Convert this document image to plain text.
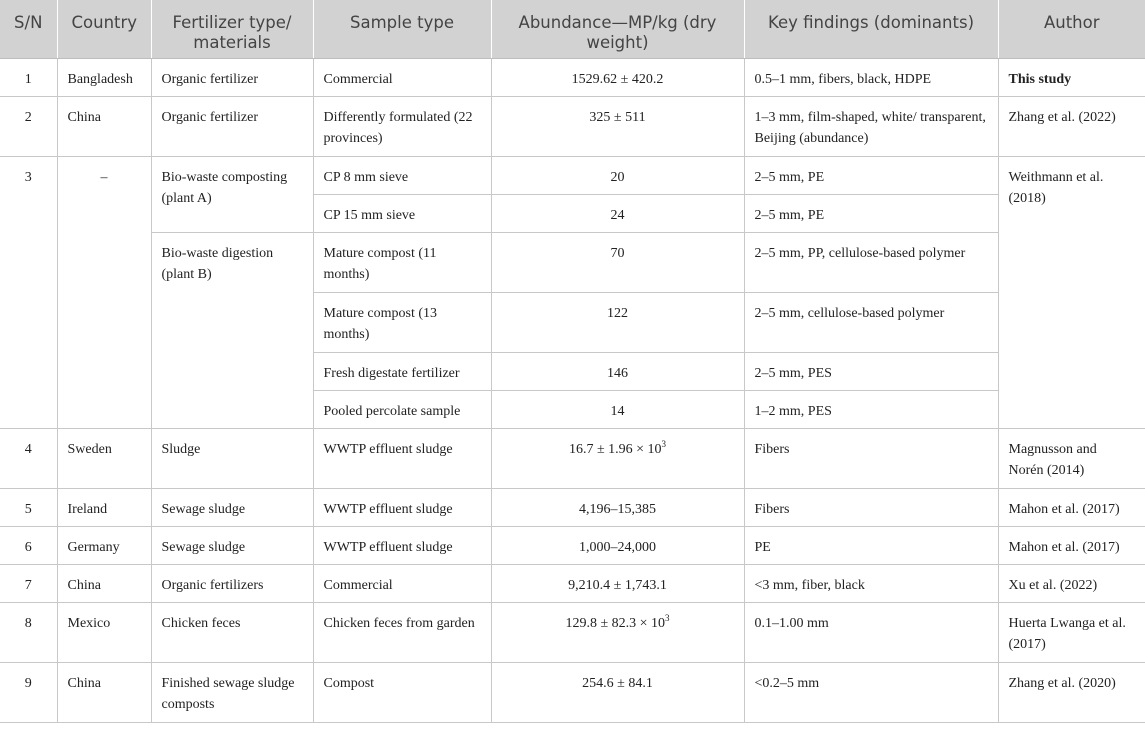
S/N	Country	Fertilizer type/ materials	Sample type	Abundance—MP/kg (dry weight)	Key findings (dominants)	Author
1	Bangladesh	Organic fertilizer	Commercial	1529.62 ± 420.2	0.5–1 mm, fibers, black, HDPE	This study
2	China	Organic fertilizer	Differently formulated (22 provinces)	325 ± 511	1–3 mm, film-shaped, white/ transparent, Beijing (abundance)	Zhang et al. (2022)
3	–	Bio-waste composting (plant A)	CP 8 mm sieve	20	2–5 mm, PE	Weithmann et al. (2018)
			CP 15 mm sieve	24	2–5 mm, PE	
		Bio-waste digestion (plant B)	Mature compost (11 months)	70	2–5 mm, PP, cellulose-based polymer	
			Mature compost (13 months)	122	2–5 mm, cellulose-based polymer	
			Fresh digestate fertilizer	146	2–5 mm, PES	
			Pooled percolate sample	14	1–2 mm, PES	
4	Sweden	Sludge	WWTP effluent sludge	$16.7 \pm 1.96 \times 10^3$	Fibers	Magnusson and Norén (2014)
5	Ireland	Sewage sludge	WWTP effluent sludge	4,196–15,385	Fibers	Mahon et al. (2017)
6	Germany	Sewage sludge	WWTP effluent sludge	1,000–24,000	PE	Mahon et al. (2017)
7	China	Organic fertilizers	Commercial	9,210.4 ± 1,743.1	<3 mm, fiber, black	Xu et al. (2022)
8	Mexico	Chicken feces	Chicken feces from garden	$129.8 \pm 82.3 \times 10^3$	0.1–1.00 mm	Huerta Lwanga et al. (2017)
9	China	Finished sewage sludge composts	Compost	254.6 ± 84.1	<0.2–5 mm	Zhang et al. (2020)
